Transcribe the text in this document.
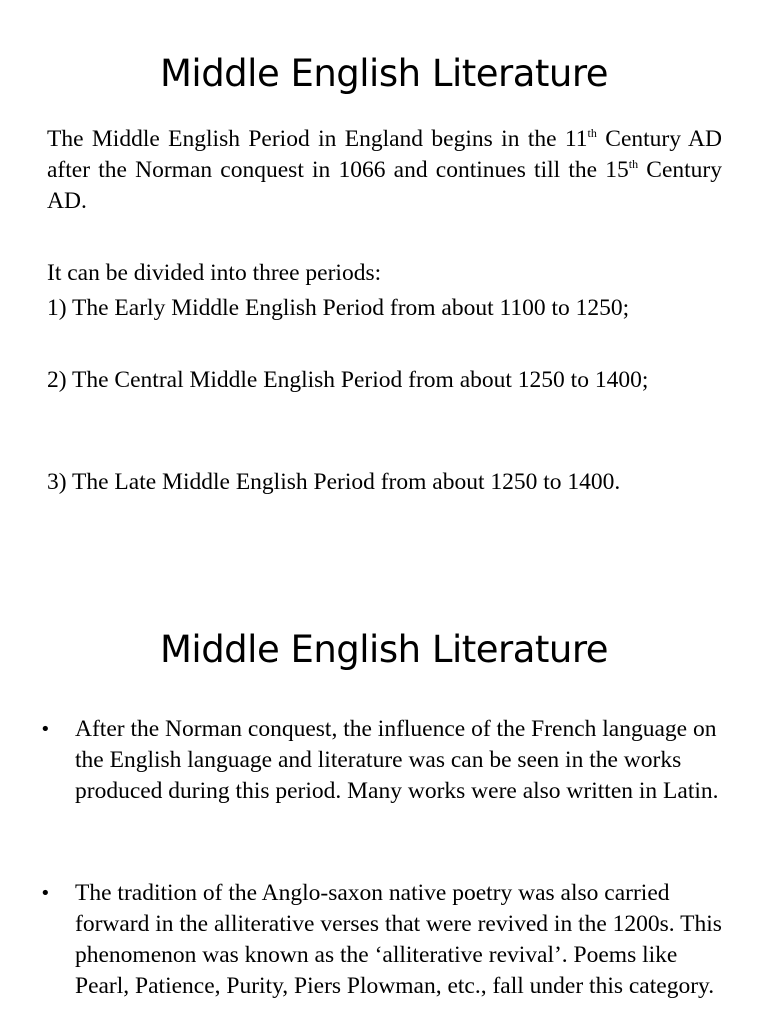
Middle English Literature
The Middle English Period in England begins in the 11th Century AD after the Norman conquest in 1066 and continues till the 15th Century AD.
It can be divided into three periods:
1) The Early Middle English Period from about 1100 to 1250;
2) The Central Middle English Period from about 1250 to 1400;
3) The Late Middle English Period from about 1250 to 1400.
Middle English Literature
•	After the Norman conquest, the influence of the French language on the English language and literature was can be seen in the works produced during this period. Many works were also written in Latin.
•	The tradition of the Anglo-saxon native poetry was also carried forward in the alliterative verses that were revived in the 1200s. This phenomenon was known as the ‘alliterative revival’. Poems like Pearl, Patience, Purity, Piers Plowman, etc., fall under this category.
